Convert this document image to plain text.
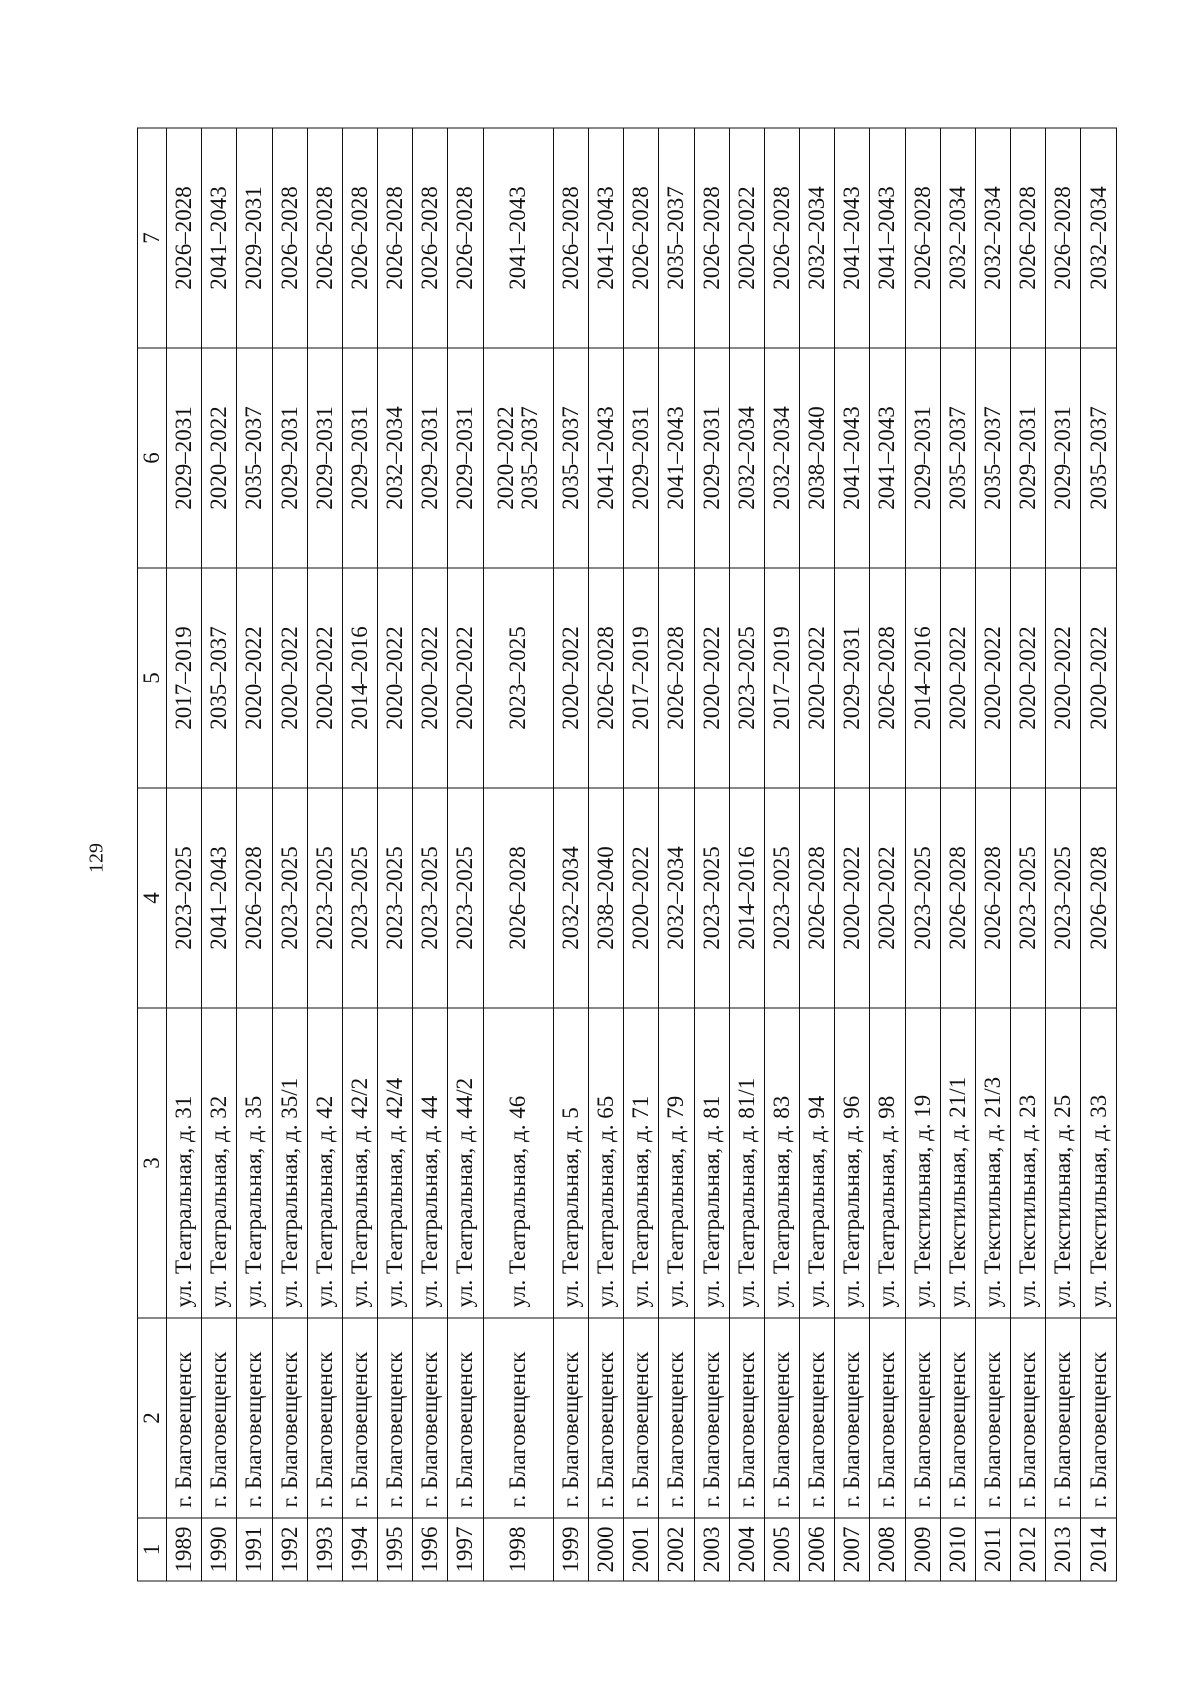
129
1	2	3	4	5	6	7
1989	г. Благовещенск	ул. Театральная, д. 31	2023–2025	2017–2019	2029–2031	2026–2028
1990	г. Благовещенск	ул. Театральная, д. 32	2041–2043	2035–2037	2020–2022	2041–2043
1991	г. Благовещенск	ул. Театральная, д. 35	2026–2028	2020–2022	2035–2037	2029–2031
1992	г. Благовещенск	ул. Театральная, д. 35/1	2023–2025	2020–2022	2029–2031	2026–2028
1993	г. Благовещенск	ул. Театральная, д. 42	2023–2025	2020–2022	2029–2031	2026–2028
1994	г. Благовещенск	ул. Театральная, д. 42/2	2023–2025	2014–2016	2029–2031	2026–2028
1995	г. Благовещенск	ул. Театральная, д. 42/4	2023–2025	2020–2022	2032–2034	2026–2028
1996	г. Благовещенск	ул. Театральная, д. 44	2023–2025	2020–2022	2029–2031	2026–2028
1997	г. Благовещенск	ул. Театральная, д. 44/2	2023–2025	2020–2022	2029–2031	2026–2028
1998	г. Благовещенск	ул. Театральная, д. 46	2026–2028	2023–2025	2020–2022 2035–2037	2041–2043
1999	г. Благовещенск	ул. Театральная, д. 5	2032–2034	2020–2022	2035–2037	2026–2028
2000	г. Благовещенск	ул. Театральная, д. 65	2038–2040	2026–2028	2041–2043	2041–2043
2001	г. Благовещенск	ул. Театральная, д. 71	2020–2022	2017–2019	2029–2031	2026–2028
2002	г. Благовещенск	ул. Театральная, д. 79	2032–2034	2026–2028	2041–2043	2035–2037
2003	г. Благовещенск	ул. Театральная, д. 81	2023–2025	2020–2022	2029–2031	2026–2028
2004	г. Благовещенск	ул. Театральная, д. 81/1	2014–2016	2023–2025	2032–2034	2020–2022
2005	г. Благовещенск	ул. Театральная, д. 83	2023–2025	2017–2019	2032–2034	2026–2028
2006	г. Благовещенск	ул. Театральная, д. 94	2026–2028	2020–2022	2038–2040	2032–2034
2007	г. Благовещенск	ул. Театральная, д. 96	2020–2022	2029–2031	2041–2043	2041–2043
2008	г. Благовещенск	ул. Театральная, д. 98	2020–2022	2026–2028	2041–2043	2041–2043
2009	г. Благовещенск	ул. Текстильная, д. 19	2023–2025	2014–2016	2029–2031	2026–2028
2010	г. Благовещенск	ул. Текстильная, д. 21/1	2026–2028	2020–2022	2035–2037	2032–2034
2011	г. Благовещенск	ул. Текстильная, д. 21/3	2026–2028	2020–2022	2035–2037	2032–2034
2012	г. Благовещенск	ул. Текстильная, д. 23	2023–2025	2020–2022	2029–2031	2026–2028
2013	г. Благовещенск	ул. Текстильная, д. 25	2023–2025	2020–2022	2029–2031	2026–2028
2014	г. Благовещенск	ул. Текстильная, д. 33	2026–2028	2020–2022	2035–2037	2032–2034
